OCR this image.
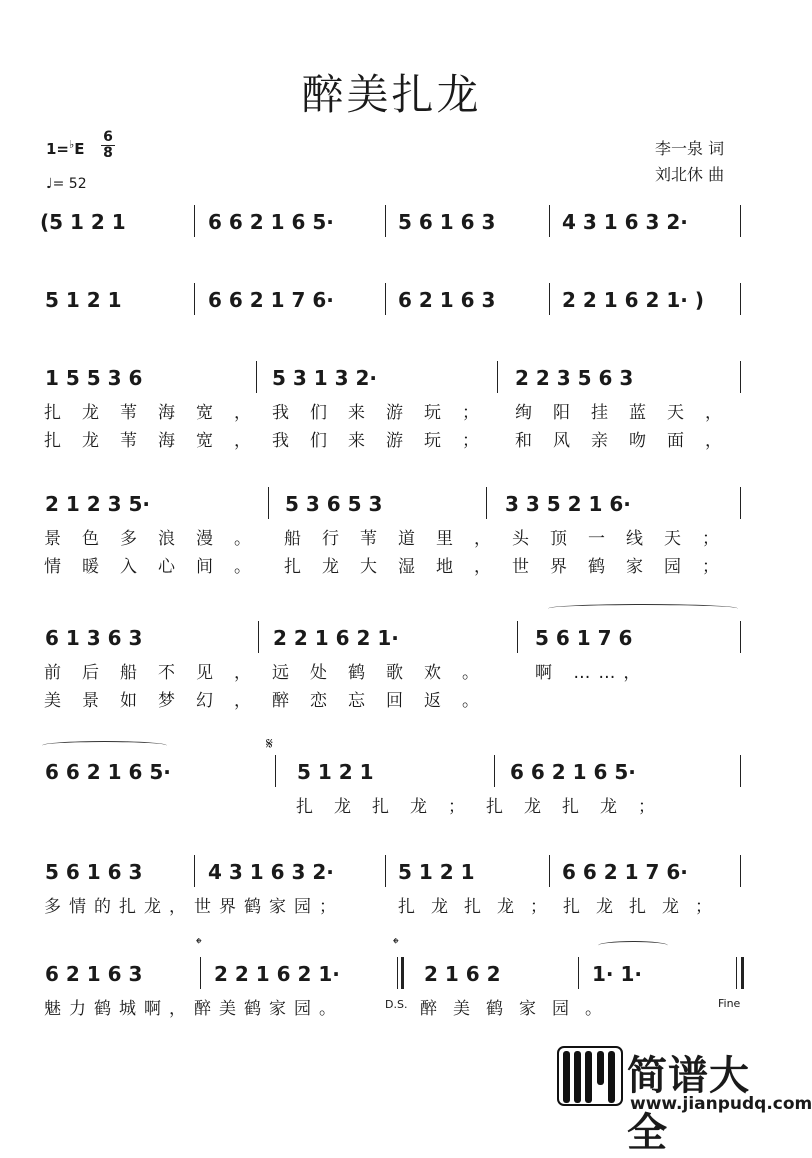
醉美扎龙
1=♭E
6
8
♩= 52
李一泉 词
刘北休 曲
(5 1 2 1	6 6 2 1 6 5·	5 6 1 6 3	4 3 1 6 3 2·
5 1 2 1	6 6 2 1 7 6·	6 2 1 6 3	2 2 1 6 2 1· )
1 5 5 3 6	5 3 1 3 2·	2 2 3 5 6 3
扎龙苇海宽，我们来游玩； 绚阳挂蓝天，
扎龙苇海宽，我们来游玩； 和风亲吻面，
2 1 2 3 5·	5 3 6 5 3	3 3 5 2 1 6·
景色多浪漫。 船行苇道里，头顶一线天；
情暖入心间。 扎龙大湿地，世界鹤家园；
6 1 3 6 3	2 2 1 6 2 1·	5 6 1 7 6
前后船不见，远处鹤歌欢。 啊 ……，
美景如梦幻，醉恋忘回返。
𝄋
6 6 2 1 6 5·	5 1 2 1	6 6 2 1 6 5·
扎龙扎龙；扎龙扎龙；
5 6 1 6 3	4 3 1 6 3 2·	5 1 2 1	6 6 2 1 7 6·
多情的扎龙，世界鹤家园；	扎龙扎龙；扎龙扎龙；
𝄌	𝄌
6 2 1 6 3	2 2 1 6 2 1·	2 1 6 2	1· 1·
魅力鹤城啊，醉美鹤家园。	D.S. 醉美鹤家园。	Fine
简谱大全
www.jianpudq.com
